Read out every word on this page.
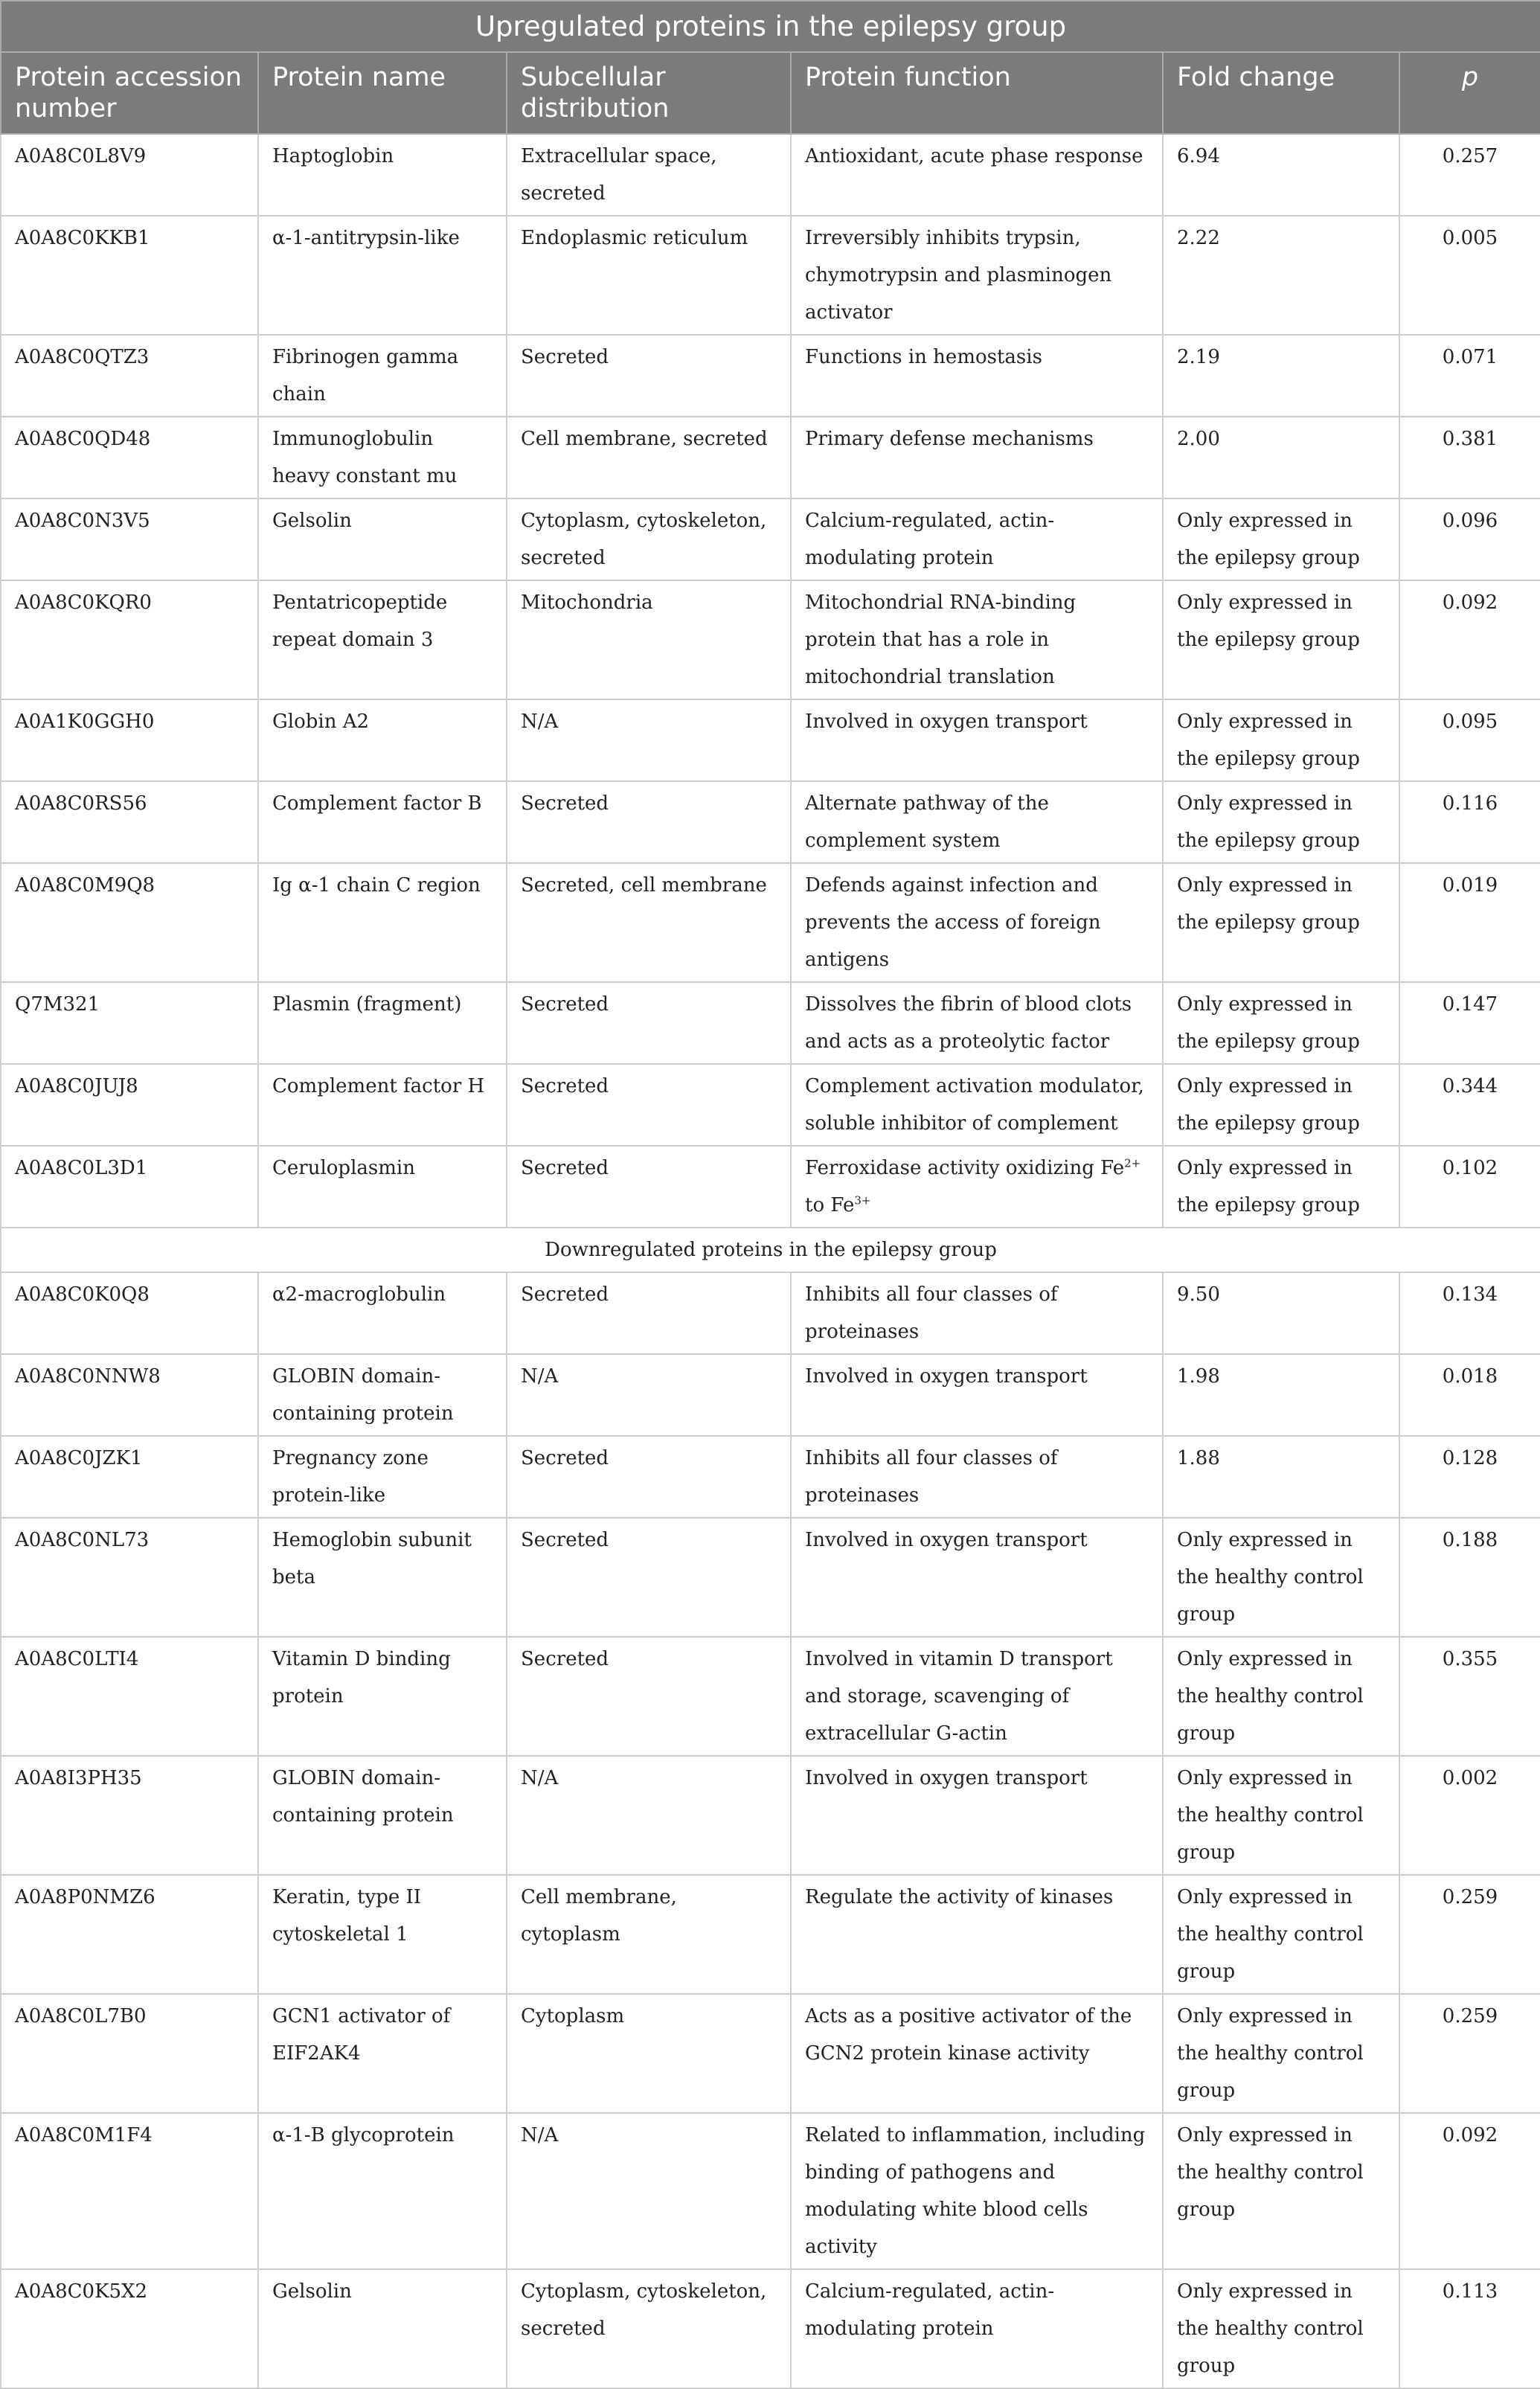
Upregulated proteins in the epilepsy group					
Protein accession number	Protein name	Subcellular distribution	Protein function	Fold change	p
A0A8C0L8V9	Haptoglobin	Extracellular space, secreted	Antioxidant, acute phase response	6.94	0.257
A0A8C0KKB1	α-1-antitrypsin-like	Endoplasmic reticulum	Irreversibly inhibits trypsin, chymotrypsin and plasminogen activator	2.22	0.005
A0A8C0QTZ3	Fibrinogen gamma chain	Secreted	Functions in hemostasis	2.19	0.071
A0A8C0QD48	Immunoglobulin heavy constant mu	Cell membrane, secreted	Primary defense mechanisms	2.00	0.381
A0A8C0N3V5	Gelsolin	Cytoplasm, cytoskeleton, secreted	Calcium-regulated, actin-modulating protein	Only expressed in the epilepsy group	0.096
A0A8C0KQR0	Pentatricopeptide repeat domain 3	Mitochondria	Mitochondrial RNA-binding protein that has a role in mitochondrial translation	Only expressed in the epilepsy group	0.092
A0A1K0GGH0	Globin A2	N/A	Involved in oxygen transport	Only expressed in the epilepsy group	0.095
A0A8C0RS56	Complement factor B	Secreted	Alternate pathway of the complement system	Only expressed in the epilepsy group	0.116
A0A8C0M9Q8	Ig α-1 chain C region	Secreted, cell membrane	Defends against infection and prevents the access of foreign antigens	Only expressed in the epilepsy group	0.019
Q7M321	Plasmin (fragment)	Secreted	Dissolves the fibrin of blood clots and acts as a proteolytic factor	Only expressed in the epilepsy group	0.147
A0A8C0JUJ8	Complement factor H	Secreted	Complement activation modulator, soluble inhibitor of complement	Only expressed in the epilepsy group	0.344
A0A8C0L3D1	Ceruloplasmin	Secreted	Ferroxidase activity oxidizing $Fe^{2+}$ to $Fe^{3+}$	Only expressed in the epilepsy group	0.102
Downregulated proteins in the epilepsy group					
A0A8C0K0Q8	α2-macroglobulin	Secreted	Inhibits all four classes of proteinases	9.50	0.134
A0A8C0NNW8	GLOBIN domain-containing protein	N/A	Involved in oxygen transport	1.98	0.018
A0A8C0JZK1	Pregnancy zone protein-like	Secreted	Inhibits all four classes of proteinases	1.88	0.128
A0A8C0NL73	Hemoglobin subunit beta	Secreted	Involved in oxygen transport	Only expressed in the healthy control group	0.188
A0A8C0LTI4	Vitamin D binding protein	Secreted	Involved in vitamin D transport and storage, scavenging of extracellular G-actin	Only expressed in the healthy control group	0.355
A0A8I3PH35	GLOBIN domain-containing protein	N/A	Involved in oxygen transport	Only expressed in the healthy control group	0.002
A0A8P0NMZ6	Keratin, type II cytoskeletal 1	Cell membrane, cytoplasm	Regulate the activity of kinases	Only expressed in the healthy control group	0.259
A0A8C0L7B0	GCN1 activator of EIF2AK4	Cytoplasm	Acts as a positive activator of the GCN2 protein kinase activity	Only expressed in the healthy control group	0.259
A0A8C0M1F4	α-1-B glycoprotein	N/A	Related to inflammation, including binding of pathogens and modulating white blood cells activity	Only expressed in the healthy control group	0.092
A0A8C0K5X2	Gelsolin	Cytoplasm, cytoskeleton, secreted	Calcium-regulated, actin-modulating protein	Only expressed in the healthy control group	0.113
